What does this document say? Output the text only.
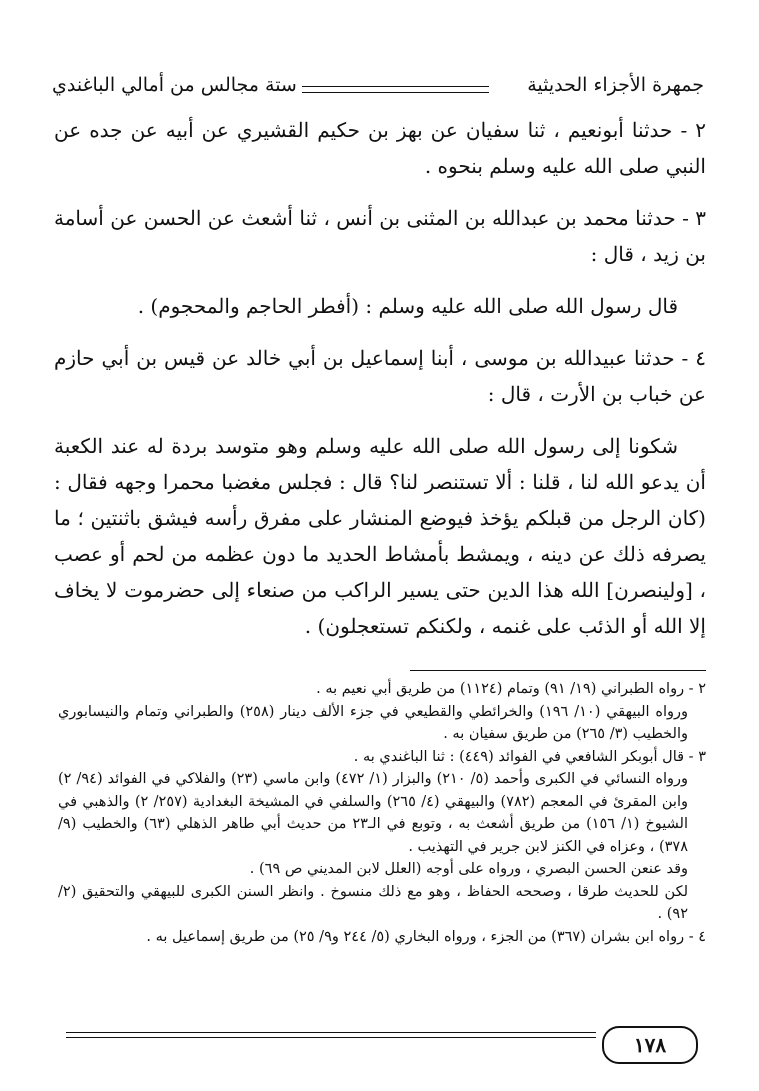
جمهرة الأجزاء الحديثية
ستة مجالس من أمالي الباغندي

٢ - حدثنا أبونعيم ، ثنا سفيان عن بهز بن حكيم القشيري عن أبيه عن جده عن النبي صلى الله عليه وسلم بنحوه .

٣ - حدثنا محمد بن عبدالله بن المثنى بن أنس ، ثنا أشعث عن الحسن عن أسامة بن زيد ، قال :

قال رسول الله صلى الله عليه وسلم : (أفطر الحاجم والمحجوم) .

٤ - حدثنا عبيدالله بن موسى ، أبنا إسماعيل بن أبي خالد عن قيس بن أبي حازم عن خباب بن الأرت ، قال :

شكونا إلى رسول الله صلى الله عليه وسلم وهو متوسد بردة له عند الكعبة أن يدعو الله لنا ، قلنا : ألا تستنصر لنا؟ قال : فجلس مغضبا محمرا وجهه فقال : (كان الرجل من قبلكم يؤخذ فيوضع المنشار على مفرق رأسه فيشق باثنتين ؛ ما يصرفه ذلك عن دينه ، ويمشط بأمشاط الحديد ما دون عظمه من لحم أو عصب ، [ولينصرن] الله هذا الدين حتى يسير الراكب من صنعاء إلى حضرموت لا يخاف إلا الله أو الذئب على غنمه ، ولكنكم تستعجلون) .

٢ - رواه الطبراني (١٩/ ٩١) وتمام (١١٢٤) من طريق أبي نعيم به .

ورواه البيهقي (١٠/ ١٩٦) والخرائطي والقطيعي في جزء الألف دينار (٢٥٨) والطبراني وتمام والنيسابوري والخطيب (٣/ ٢٦٥) من طريق سفيان به .

٣ - قال أبوبكر الشافعي في الفوائد (٤٤٩) : ثنا الباغندي به .

ورواه النسائي في الكبرى وأحمد (٥/ ٢١٠) والبزار (١/ ٤٧٢) وابن ماسي (٢٣) والفلاكي في الفوائد (٩٤/ ٢) وابن المقرئ في المعجم (٧٨٢) والبيهقي (٤/ ٢٦٥) والسلفي في المشيخة البغدادية (٢٥٧/ ٢) والذهبي في الشيوخ (١/ ١٥٦) من طريق أشعث به ، وتوبع في الـ٢٣ من حديث أبي طاهر الذهلي (٦٣) والخطيب (٩/ ٣٧٨) ، وعزاه في الكنز لابن جرير في التهذيب .

وقد عنعن الحسن البصري ، ورواه على أوجه (العلل لابن المديني ص ٦٩) .

لكن للحديث طرقا ، وصححه الحفاظ ، وهو مع ذلك منسوخ . وانظر السنن الكبرى للبيهقي والتحقيق (٢/ ٩٢) .

٤ - رواه ابن بشران (٣٦٧) من الجزء ، ورواه البخاري (٥/ ٢٤٤ و٩/ ٢٥) من طريق إسماعيل به .

١٧٨
